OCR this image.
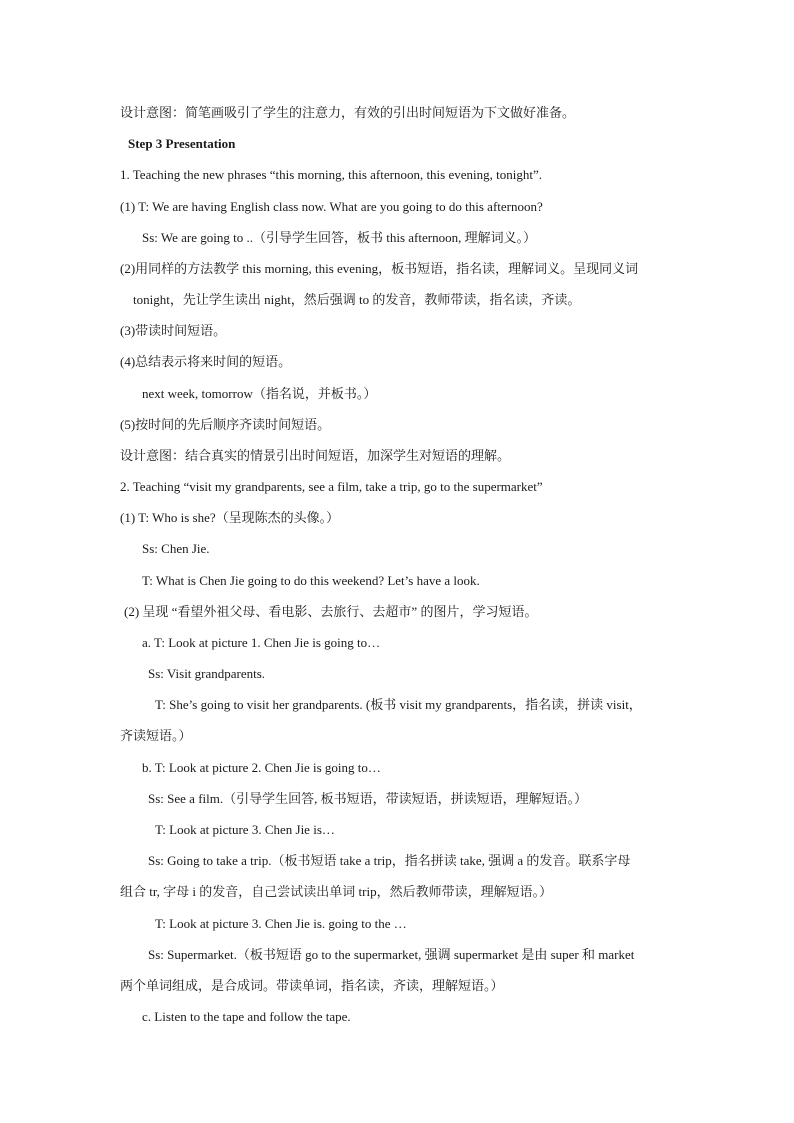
设计意图：简笔画吸引了学生的注意力，有效的引出时间短语为下文做好准备。
Step 3 Presentation
1. Teaching the new phrases “this morning, this afternoon, this evening, tonight”.
(1) T: We are having English class now. What are you going to do this afternoon?
Ss: We are going to ..（引导学生回答，板书 this afternoon, 理解词义。）
(2)用同样的方法教学 this morning, this evening，板书短语，指名读，理解词义。呈现同义词
tonight，先让学生读出 night，然后强调 to 的发音，教师带读，指名读，齐读。
(3)带读时间短语。
(4)总结表示将来时间的短语。
next week, tomorrow（指名说，并板书。）
(5)按时间的先后顺序齐读时间短语。
设计意图：结合真实的情景引出时间短语，加深学生对短语的理解。
2. Teaching “visit my grandparents, see a film, take a trip, go to the supermarket”
(1) T: Who is she?（呈现陈杰的头像。）
Ss: Chen Jie.
T: What is Chen Jie going to do this weekend? Let’s have a look.
(2) 呈现 “看望外祖父母、看电影、去旅行、去超市” 的图片，学习短语。
a. T: Look at picture 1. Chen Jie is going to…
Ss: Visit grandparents.
T: She’s going to visit her grandparents. (板书 visit my grandparents，指名读，拼读 visit，
齐读短语。）
b. T: Look at picture 2. Chen Jie is going to…
Ss: See a film.（引导学生回答, 板书短语，带读短语，拼读短语，理解短语。）
T: Look at picture 3. Chen Jie is…
Ss: Going to take a trip.（板书短语 take a trip，指名拼读 take, 强调 a 的发音。联系字母
组合 tr, 字母 i 的发音，自己尝试读出单词 trip，然后教师带读，理解短语。）
T: Look at picture 3. Chen Jie is. going to the …
Ss: Supermarket.（板书短语 go to the supermarket, 强调 supermarket 是由 super 和 market
两个单词组成，是合成词。带读单词，指名读，齐读，理解短语。）
c. Listen to the tape and follow the tape.
